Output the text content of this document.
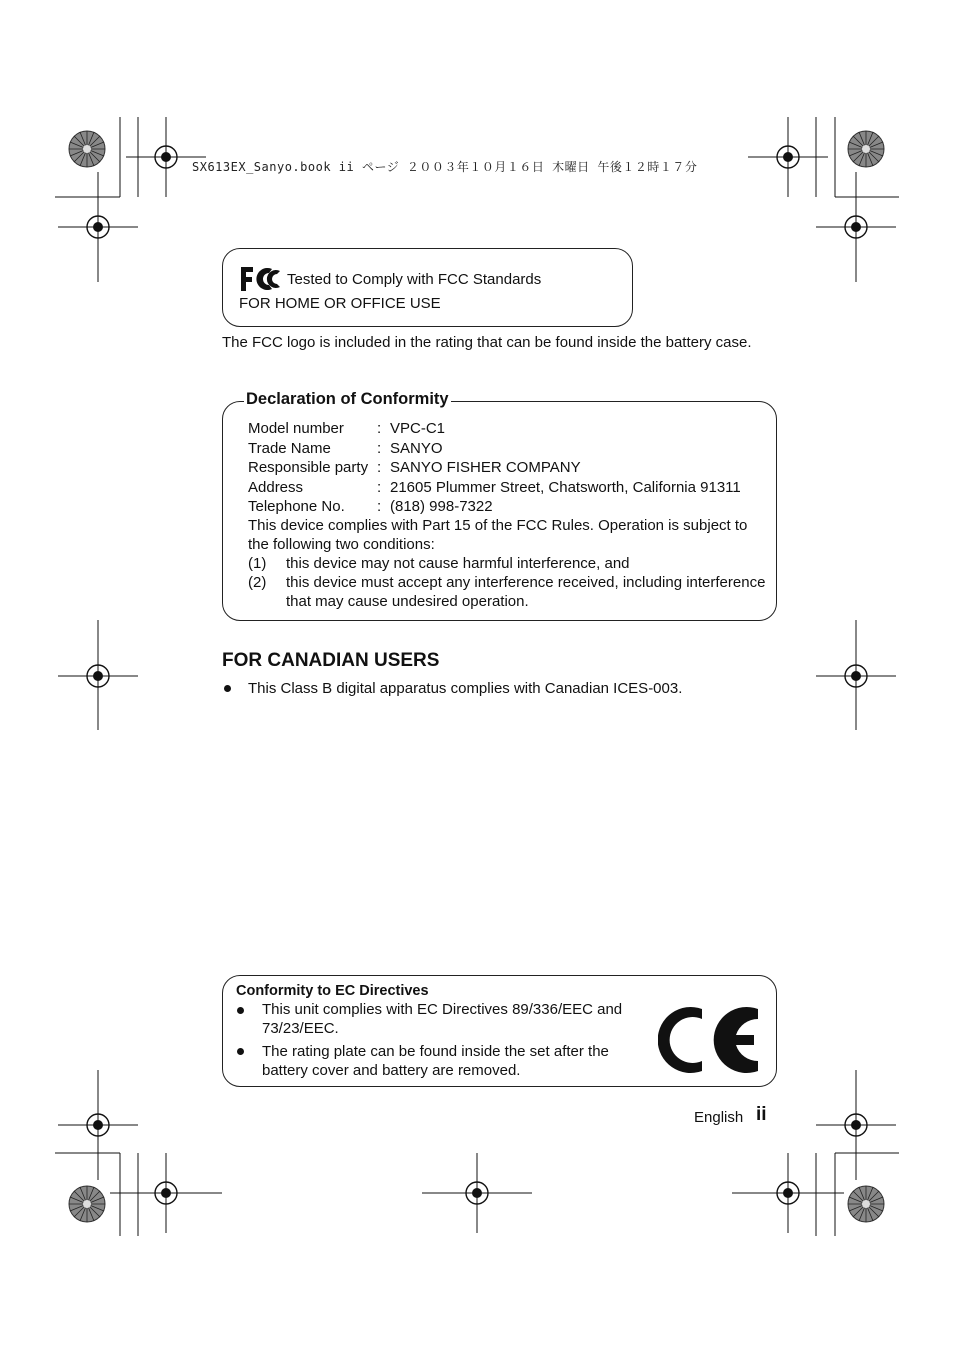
SX613EX_Sanyo.book ii ページ ２００３年１０月１６日 木曜日 午後１２時１７分
Tested to Comply with FCC Standards
FOR HOME OR OFFICE USE
The FCC logo is included in the rating that can be found inside the battery case.
Declaration of Conformity
Model number : VPC-C1
Trade Name	: SANYO
Responsible party : SANYO FISHER COMPANY
Address	: 21605 Plummer Street, Chatsworth, California 91311
Telephone No. : (818) 998-7322
This device complies with Part 15 of the FCC Rules. Operation is subject to the following two conditions:
(1) this device may not cause harmful interference, and
(2) this device must accept any interference received, including interference that may cause undesired operation.
FOR CANADIAN USERS
This Class B digital apparatus complies with Canadian ICES-003.
Conformity to EC Directives
This unit complies with EC Directives 89/336/EEC and 73/23/EEC.
The rating plate can be found inside the set after the battery cover and battery are removed.
English ii
